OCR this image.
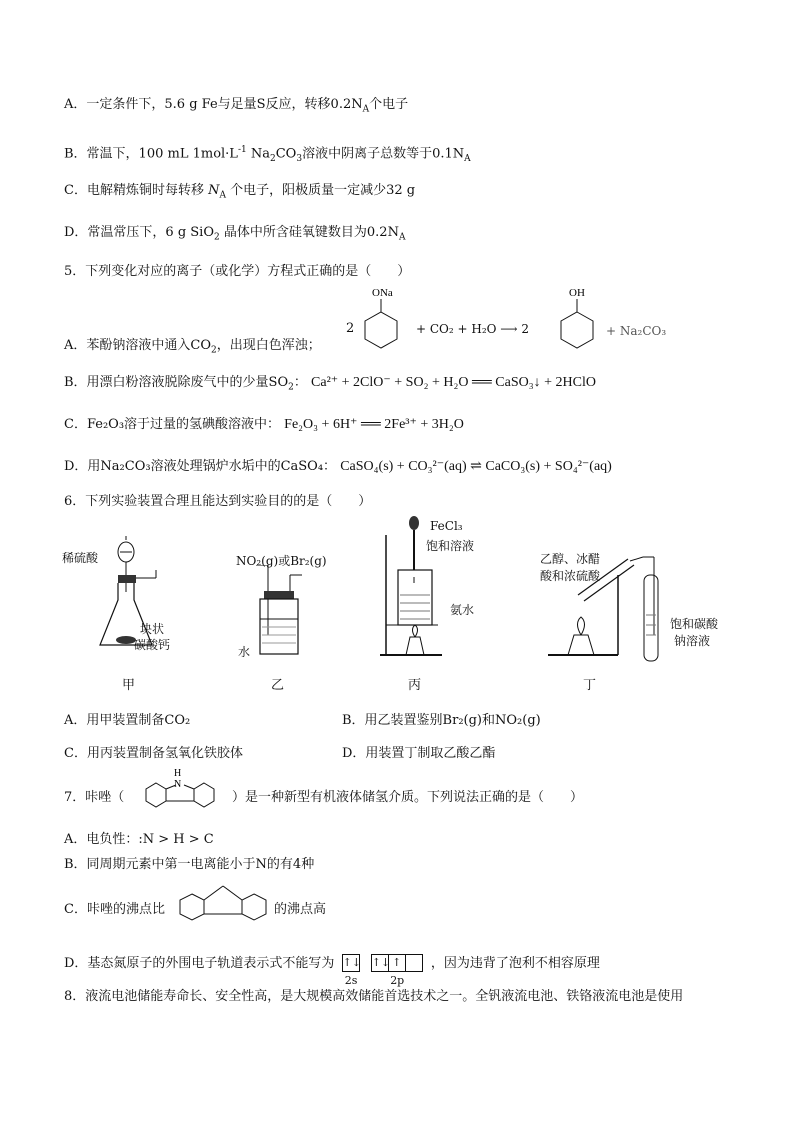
A．一定条件下，5.6 g Fe与足量S反应，转移$0.2N_A$个电子
B．常温下，100 mL $1mol\cdot L^{-1}$ $Na_2CO_3$溶液中阴离子总数等于$0.1N_A$
C．电解精炼铜时每转移 $N_A$ 个电子，阳极质量一定减少32 g
D．常温常压下，6 g SiO$_2$ 晶体中所含硅氧键数目为$0.2N_A$
5．下列变化对应的离子（或化学）方程式正确的是（　　）
A．苯酚钠溶液中通入$CO_2$，出现白色浑浊；
2
ONa
+ CO₂ + H₂O ⟶ 2
OH
+ Na₂CO₃
B．用漂白粉溶液脱除废气中的少量$SO_2$： Ca²⁺ + 2ClO⁻ + SO₂ + H₂O ══ CaSO₃↓ + 2HClO
C．Fe₂O₃溶于过量的氢碘酸溶液中： Fe₂O₃ + 6H⁺ ══ 2Fe³⁺ + 3H₂O
D．用Na₂CO₃溶液处理锅炉水垢中的CaSO₄： CaSO₄(s) + CO₃²⁻(aq) ⇌ CaCO₃(s) + SO₄²⁻(aq)
6．下列实验装置合理且能达到实验目的的是（　　）
稀硫酸
块状
碳酸钙
甲
NO₂(g)或Br₂(g)
水
乙
FeCl₃
饱和溶液
氨水
丙
乙醇、冰醋
酸和浓硫酸
饱和碳酸
钠溶液
丁
A．用甲装置制备CO₂	B．用乙装置鉴别Br₂(g)和NO₂(g)
C．用丙装置制备氢氧化铁胶体	D．用装置丁制取乙酸乙酯
7．咔唑（
H
N
）是一种新型有机液体储氢介质。下列说法正确的是（　　）
A．电负性：:N > H > C
B．同周期元素中第一电离能小于N的有4种
C．咔唑的沸点比	的沸点高
D．基态氮原子的外围电子轨道表示式不能写为 ↑↓
2s
↑↓ ↑
2p
，因为违背了泡利不相容原理
8．液流电池储能寿命长、安全性高，是大规模高效储能首选技术之一。全钒液流电池、铁铬液流电池是使用
